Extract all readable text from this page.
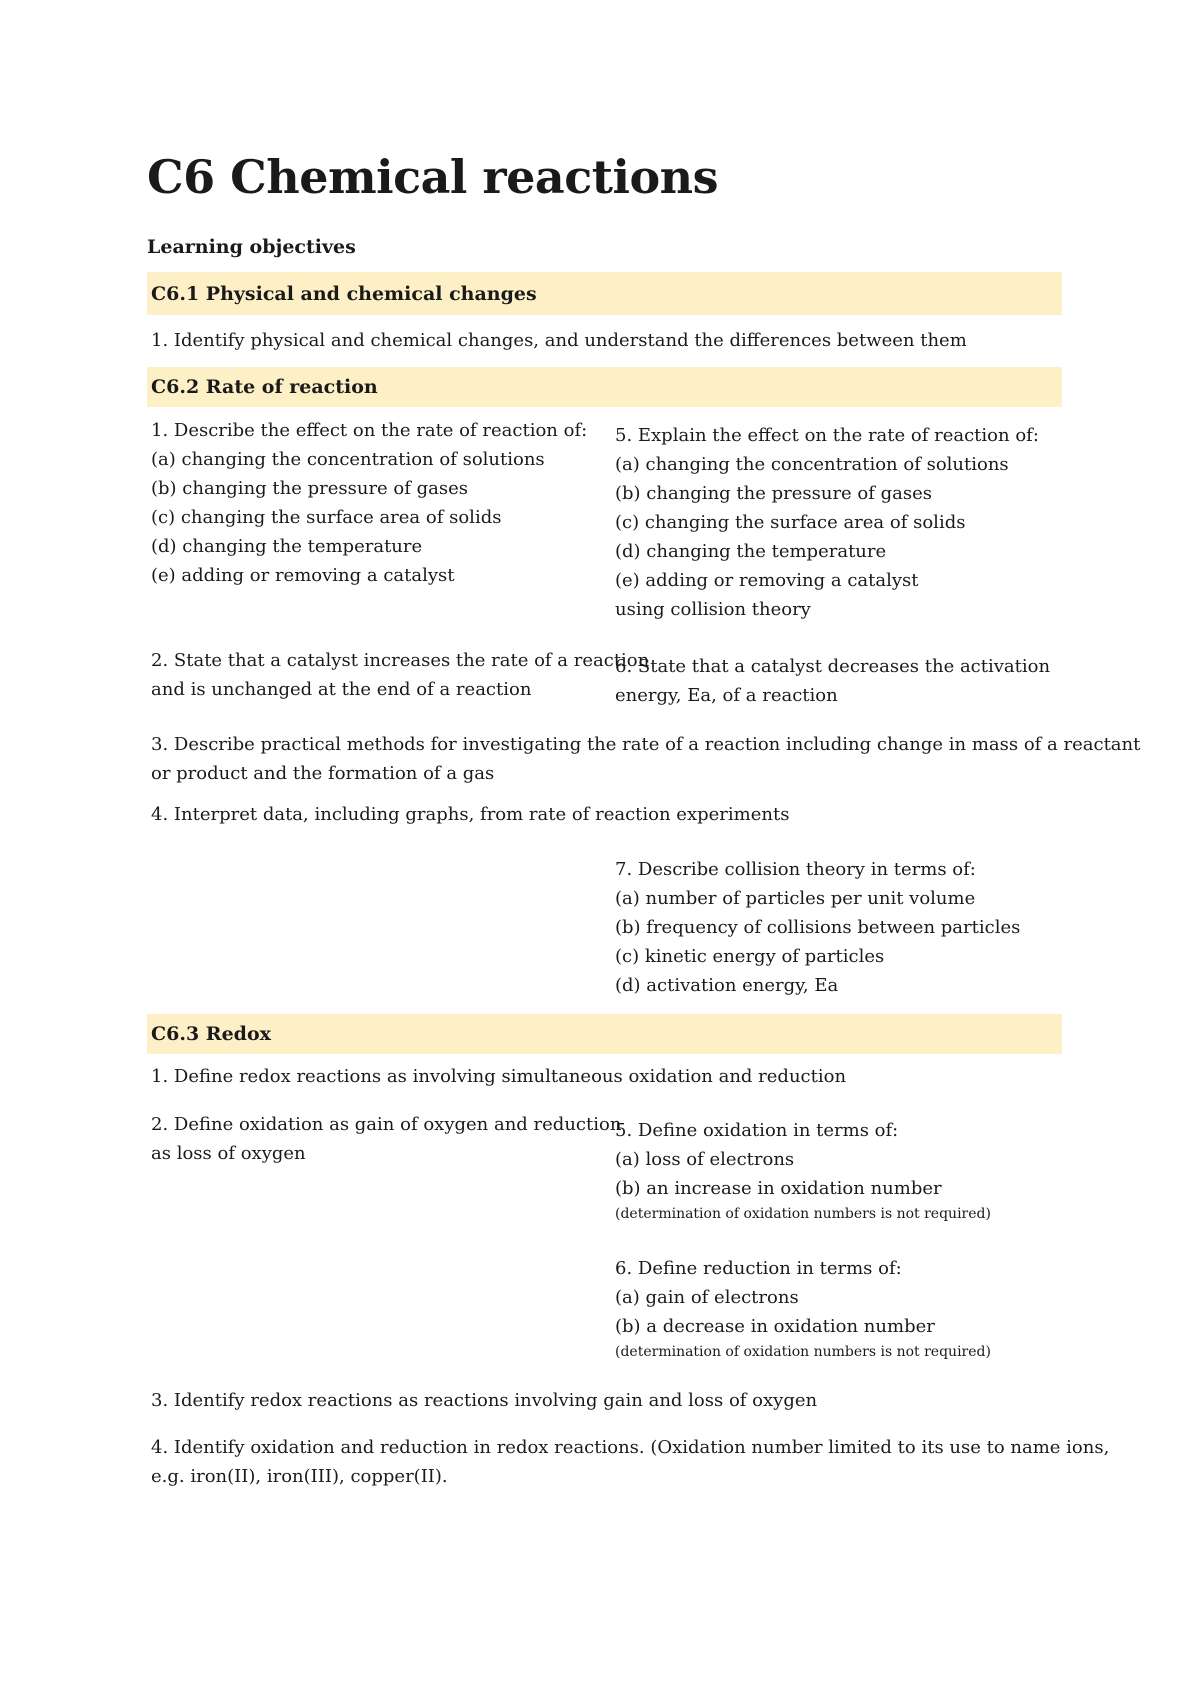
C6 Chemical reactions
Learning objectives
C6.1 Physical and chemical changes
1. Identify physical and chemical changes, and understand the differences between them
C6.2 Rate of reaction
1. Describe the effect on the rate of reaction of:
(a) changing the concentration of solutions
(b) changing the pressure of gases
(c) changing the surface area of solids
(d) changing the temperature
(e) adding or removing a catalyst
5. Explain the effect on the rate of reaction of:
(a) changing the concentration of solutions
(b) changing the pressure of gases
(c) changing the surface area of solids
(d) changing the temperature
(e) adding or removing a catalyst
using collision theory
2. State that a catalyst increases the rate of a reaction
and is unchanged at the end of a reaction
6. State that a catalyst decreases the activation
energy, Ea, of a reaction
3. Describe practical methods for investigating the rate of a reaction including change in mass of a reactant
or product and the formation of a gas
4. Interpret data, including graphs, from rate of reaction experiments
7. Describe collision theory in terms of:
(a) number of particles per unit volume
(b) frequency of collisions between particles
(c) kinetic energy of particles
(d) activation energy, Ea
C6.3 Redox
1. Define redox reactions as involving simultaneous oxidation and reduction
2. Define oxidation as gain of oxygen and reduction
as loss of oxygen
5. Define oxidation in terms of:
(a) loss of electrons
(b) an increase in oxidation number
(determination of oxidation numbers is not required)
6. Define reduction in terms of:
(a) gain of electrons
(b) a decrease in oxidation number
(determination of oxidation numbers is not required)
3. Identify redox reactions as reactions involving gain and loss of oxygen
4. Identify oxidation and reduction in redox reactions. (Oxidation number limited to its use to name ions,
e.g. iron(II), iron(III), copper(II).
